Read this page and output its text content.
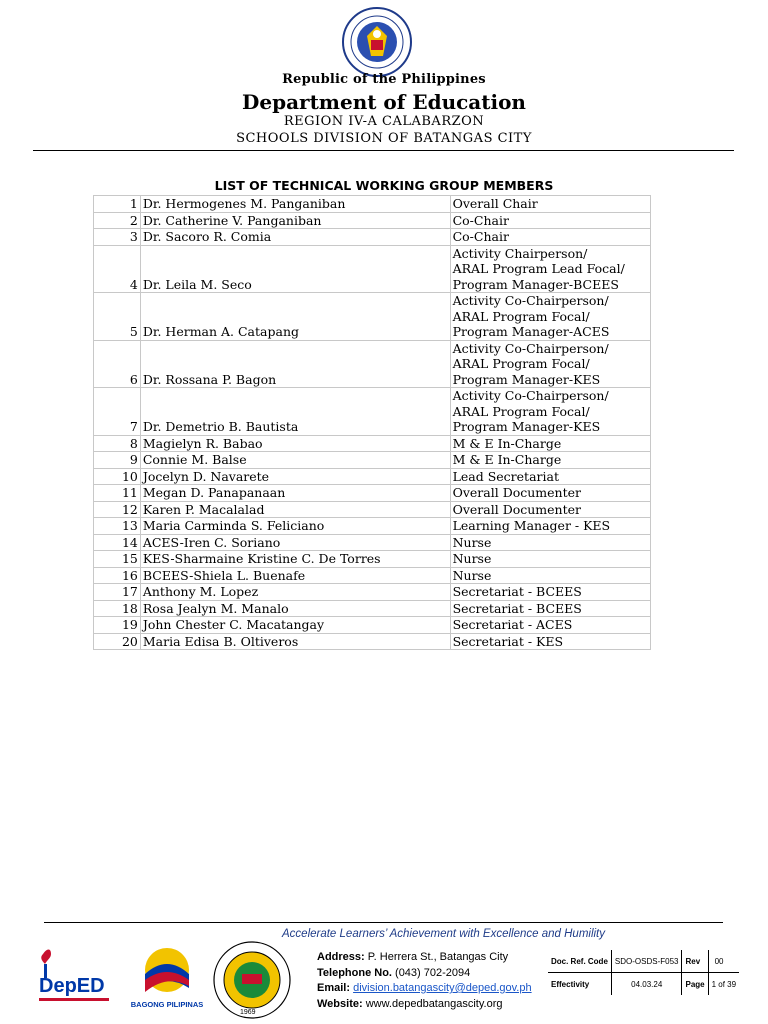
Republic of the Philippines
Department of Education
REGION IV-A CALABARZON
SCHOOLS DIVISION OF BATANGAS CITY
LIST OF TECHNICAL WORKING GROUP MEMBERS
1	Dr. Hermogenes M. Panganiban	Overall Chair

2	Dr. Catherine V. Panganiban	Co-Chair

3	Dr. Sacoro R. Comia	Co-Chair

4	Dr. Leila M. Seco	Activity Chairperson/
ARAL Program Lead Focal/
Program Manager-BCEES

5	Dr. Herman A. Catapang	Activity Co-Chairperson/
ARAL Program Focal/
Program Manager-ACES

6	Dr. Rossana P. Bagon	Activity Co-Chairperson/
ARAL Program Focal/
Program Manager-KES

7	Dr. Demetrio B. Bautista	Activity Co-Chairperson/
ARAL Program Focal/
Program Manager-KES

8	Magielyn R. Babao	M & E In-Charge

9	Connie M. Balse	M & E In-Charge

10	Jocelyn D. Navarete	Lead Secretariat

11	Megan D. Panapanaan	Overall Documenter

12	Karen P. Macalalad	Overall Documenter

13	Maria Carminda S. Feliciano	Learning Manager - KES

14	ACES-Iren C. Soriano	Nurse

15	KES-Sharmaine Kristine C. De Torres	Nurse

16	BCEES-Shiela L. Buenafe	Nurse

17	Anthony M. Lopez	Secretariat - BCEES

18	Rosa Jealyn M. Manalo	Secretariat - BCEES

19	John Chester C. Macatangay	Secretariat - ACES

20	Maria Edisa B. Oltiveros	Secretariat - KES
Accelerate Learners’ Achievement with Excellence and Humility
DepED
BAGONG PILIPINAS
1969
Address: P. Herrera St., Batangas City
Telephone No. (043) 702-2094
Email: division.batangascity@deped.gov.ph
Website: www.depedbatangascity.org
Doc. Ref. Code	SDO-OSDS-F053	Rev	00
Effectivity	04.03.24	Page	1 of 39
